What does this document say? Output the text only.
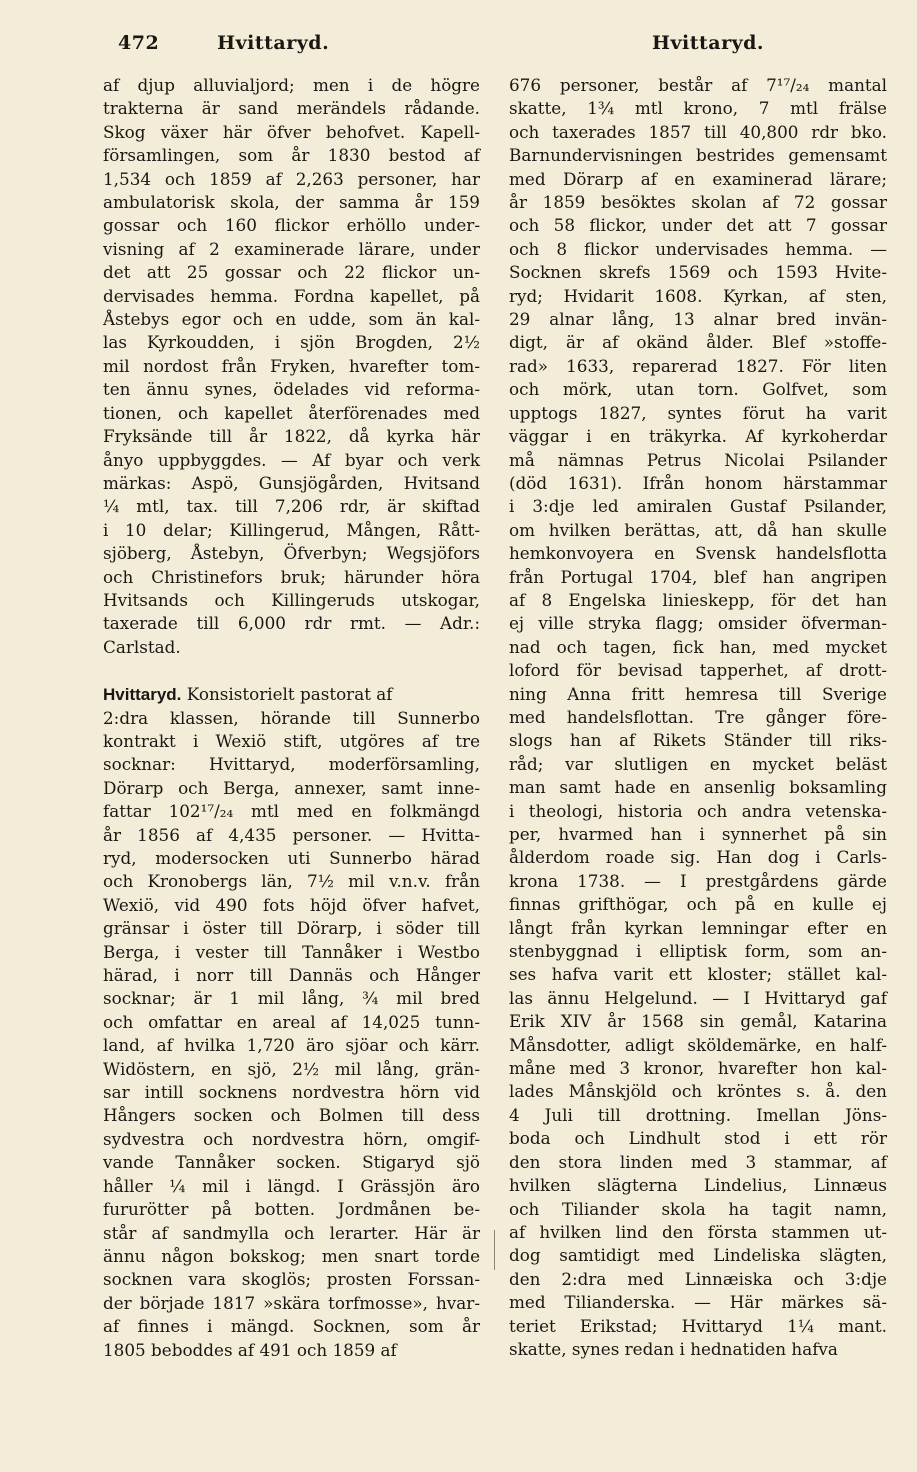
472	Hvittaryd.	Hvittaryd.

af djup alluvialjord; men i de högre
trakterna är sand merändels rådande.
Skog växer här öfver behofvet. Kapell-
församlingen, som år 1830 bestod af
1,534 och 1859 af 2,263 personer, har
ambulatorisk skola, der samma år 159
gossar och 160 flickor erhöllo under-
visning af 2 examinerade lärare, under
det att 25 gossar och 22 flickor un-
dervisades hemma. Fordna kapellet, på
Åstebys egor och en udde, som än kal-
las Kyrkoudden, i sjön Brogden, 2½
mil nordost från Fryken, hvarefter tom-
ten ännu synes, ödelades vid reforma-
tionen, och kapellet återförenades med
Fryksände till år 1822, då kyrka här
ånyo uppbyggdes. — Af byar och verk
märkas: Aspö, Gunsjögården, Hvitsand
¼ mtl, tax. till 7,206 rdr, är skiftad
i 10 delar; Killingerud, Mången, Rått-
sjöberg, Åstebyn, Öfverbyn; Wegsjöfors
och Christinefors bruk; härunder höra
Hvitsands och Killingeruds utskogar,
taxerade till 6,000 rdr rmt. — Adr.:
Carlstad.

Hvittaryd. Konsistorielt pastorat af
2:dra klassen, hörande till Sunnerbo
kontrakt i Wexiö stift, utgöres af tre
socknar: Hvittaryd, moderförsamling,
Dörarp och Berga, annexer, samt inne-
fattar 102¹⁷/₂₄ mtl med en folkmängd
år 1856 af 4,435 personer. — Hvitta-
ryd, modersocken uti Sunnerbo härad
och Kronobergs län, 7½ mil v.n.v. från
Wexiö, vid 490 fots höjd öfver hafvet,
gränsar i öster till Dörarp, i söder till
Berga, i vester till Tannåker i Westbo
härad, i norr till Dannäs och Hånger
socknar; är 1 mil lång, ¾ mil bred
och omfattar en areal af 14,025 tunn-
land, af hvilka 1,720 äro sjöar och kärr.
Widöstern, en sjö, 2½ mil lång, grän-
sar intill socknens nordvestra hörn vid
Hångers socken och Bolmen till dess
sydvestra och nordvestra hörn, omgif-
vande Tannåker socken. Stigaryd sjö
håller ¼ mil i längd. I Grässjön äro
fururötter på botten. Jordmånen be-
står af sandmylla och lerarter. Här är
ännu någon bokskog; men snart torde
socknen vara skoglös; prosten Forssan-
der började 1817 »skära torfmosse», hvar-
af finnes i mängd. Socknen, som år
1805 beboddes af 491 och 1859 af

676 personer, består af 7¹⁷/₂₄ mantal
skatte, 1¾ mtl krono, 7 mtl frälse
och taxerades 1857 till 40,800 rdr bko.
Barnundervisningen bestrides gemensamt
med Dörarp af en examinerad lärare;
år 1859 besöktes skolan af 72 gossar
och 58 flickor, under det att 7 gossar
och 8 flickor undervisades hemma. —
Socknen skrefs 1569 och 1593 Hvite-
ryd; Hvidarit 1608. Kyrkan, af sten,
29 alnar lång, 13 alnar bred invän-
digt, är af okänd ålder. Blef »stoffe-
rad» 1633, reparerad 1827. För liten
och mörk, utan torn. Golfvet, som
upptogs 1827, syntes förut ha varit
väggar i en träkyrka. Af kyrkoherdar
må nämnas Petrus Nicolai Psilander
(död 1631). Ifrån honom härstammar
i 3:dje led amiralen Gustaf Psilander,
om hvilken berättas, att, då han skulle
hemkonvoyera en Svensk handelsflotta
från Portugal 1704, blef han angripen
af 8 Engelska linieskepp, för det han
ej ville stryka flagg; omsider öfverman-
nad och tagen, fick han, med mycket
loford för bevisad tapperhet, af drott-
ning Anna fritt hemresa till Sverige
med handelsflottan. Tre gånger före-
slogs han af Rikets Ständer till riks-
råd; var slutligen en mycket beläst
man samt hade en ansenlig boksamling
i theologi, historia och andra vetenska-
per, hvarmed han i synnerhet på sin
ålderdom roade sig. Han dog i Carls-
krona 1738. — I prestgårdens gärde
finnas grifthögar, och på en kulle ej
långt från kyrkan lemningar efter en
stenbyggnad i elliptisk form, som an-
ses hafva varit ett kloster; stället kal-
las ännu Helgelund. — I Hvittaryd gaf
Erik XIV år 1568 sin gemål, Katarina
Månsdotter, adligt sköldemärke, en half-
måne med 3 kronor, hvarefter hon kal-
lades Månskjöld och kröntes s. å. den
4 Juli till drottning. Imellan Jöns-
boda och Lindhult stod i ett rör
den stora linden med 3 stammar, af
hvilken slägterna Lindelius, Linnæus
och Tiliander skola ha tagit namn,
af hvilken lind den första stammen ut-
dog samtidigt med Lindeliska slägten,
den 2:dra med Linnæiska och 3:dje
med Tilianderska. — Här märkes sä-
teriet Erikstad; Hvittaryd 1¼ mant.
skatte, synes redan i hednatiden hafva
